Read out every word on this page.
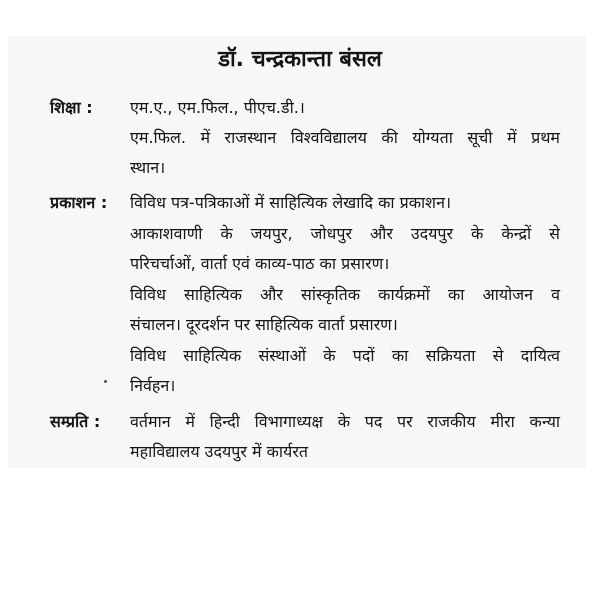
डॉ. चन्द्रकान्ता बंसल
शिक्षा : एम.ए., एम.फिल., पीएच.डी.।
एम.फिल. में राजस्थान विश्वविद्यालय की योग्यता सूची में प्रथम
स्थान।
प्रकाशन : विविध पत्र-पत्रिकाओं में साहित्यिक लेखादि का प्रकाशन।
आकाशवाणी के जयपुर, जोधपुर और उदयपुर के केन्द्रों से
परिचर्चाओं, वार्ता एवं काव्य-पाठ का प्रसारण।
विविध साहित्यिक और सांस्कृतिक कार्यक्रमों का आयोजन व
संचालन। दूरदर्शन पर साहित्यिक वार्ता प्रसारण।
विविध साहित्यिक संस्थाओं के पदों का सक्रियता से दायित्व
निर्वहन।
सम्प्रति : वर्तमान में हिन्दी विभागाध्यक्ष के पद पर राजकीय मीरा कन्या
महाविद्यालय उदयपुर में कार्यरत
